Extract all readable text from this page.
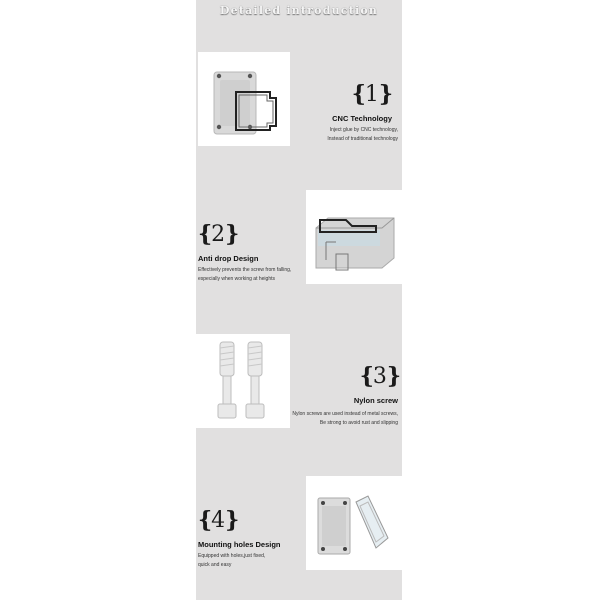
Detailed introduction
{1}
CNC Technology
Inject glue by CNC technology,
Instead of traditional technology
{2}
Anti drop Design
Effectively prevents the screw from falling,
especially when working at heights
{3}
Nylon screw
Nylon screws are used instead of metal screws,
Be strong to avoid rust and slipping
{4}
Mounting holes Design
Equipped with holes,just fixed,
quick and easy
